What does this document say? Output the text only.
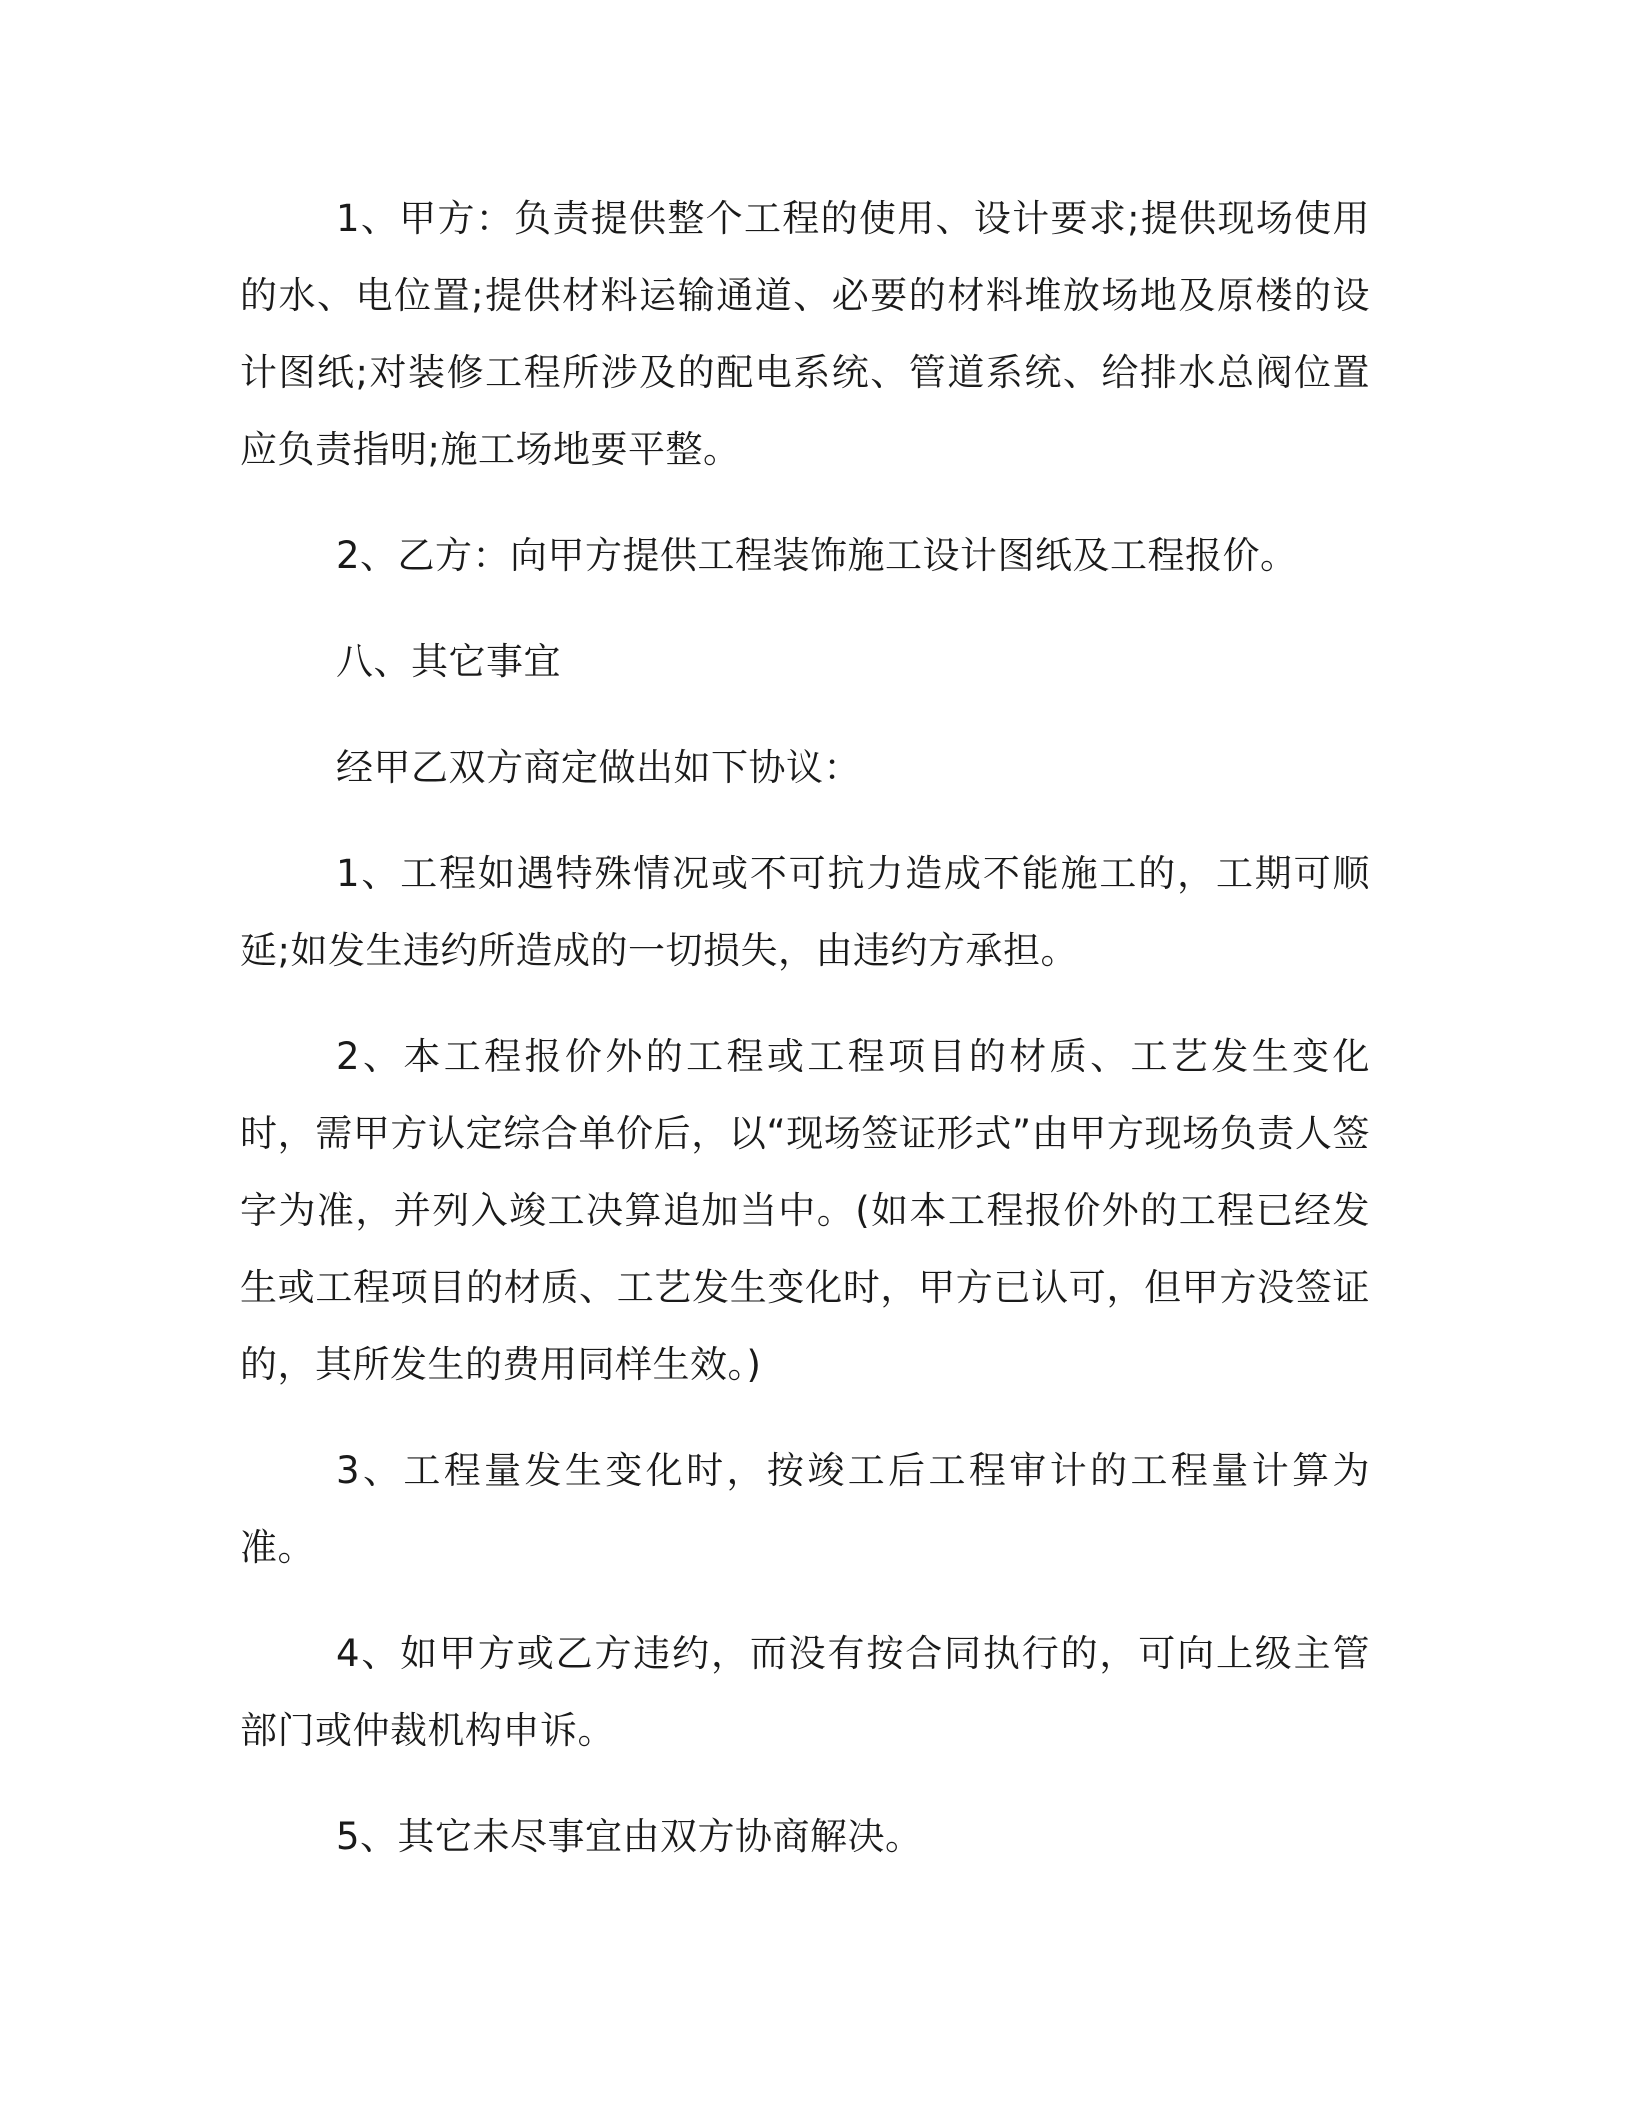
1、甲方：负责提供整个工程的使用、设计要求;提供现场使用的水、电位置;提供材料运输通道、必要的材料堆放场地及原楼的设计图纸;对装修工程所涉及的配电系统、管道系统、给排水总阀位置应负责指明;施工场地要平整。

2、乙方：向甲方提供工程装饰施工设计图纸及工程报价。

八、其它事宜

经甲乙双方商定做出如下协议：

1、工程如遇特殊情况或不可抗力造成不能施工的，工期可顺延;如发生违约所造成的一切损失，由违约方承担。

2、本工程报价外的工程或工程项目的材质、工艺发生变化时，需甲方认定综合单价后，以“现场签证形式”由甲方现场负责人签字为准，并列入竣工决算追加当中。(如本工程报价外的工程已经发生或工程项目的材质、工艺发生变化时，甲方已认可，但甲方没签证的，其所发生的费用同样生效。)

3、工程量发生变化时，按竣工后工程审计的工程量计算为准。

4、如甲方或乙方违约，而没有按合同执行的，可向上级主管部门或仲裁机构申诉。

5、其它未尽事宜由双方协商解决。
